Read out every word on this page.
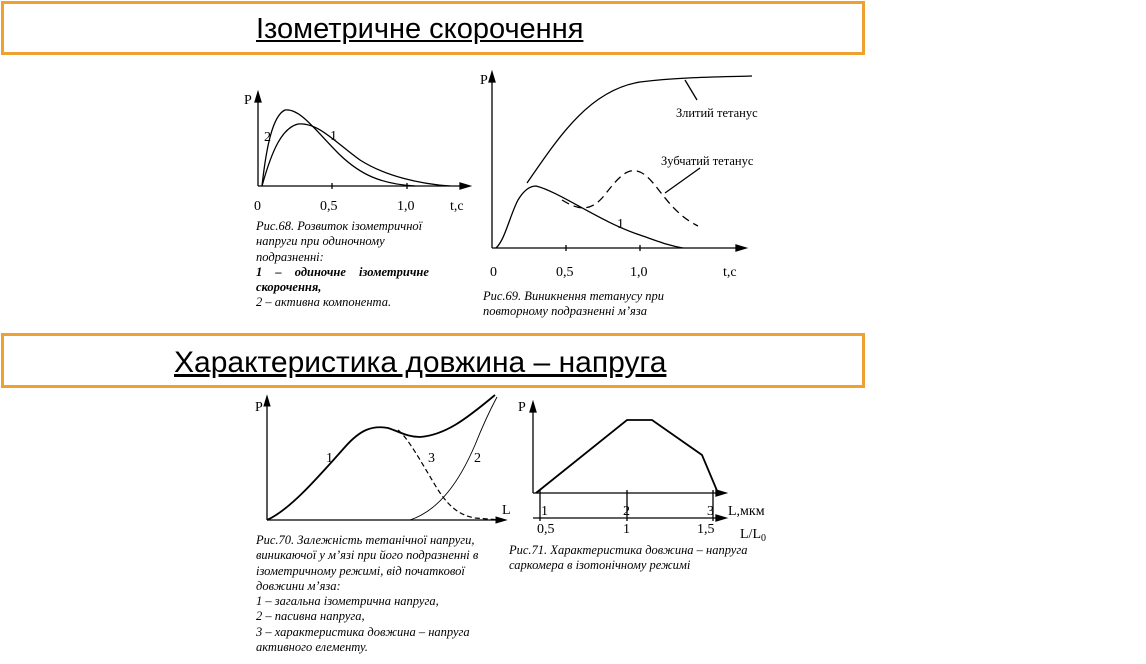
Ізометричне скорочення
Характеристика довжина – напруга
P
t,c
0	0,5	1,0
1
2
Рис.68. Розвиток ізометричної
напруги при одиночному
подразненні:
1 – одиночне ізометричне
скорочення,
2 – активна компонента.
P
t,c
0	0,5	1,0
Злитий тетанус
Зубчатий тетанус
1
Рис.69. Виникнення тетанусу при
повторному подразненні м’яза
P
L
1	2
3
Рис.70. Залежність тетанічної напруги,
виникаючої у м’язі при його подразненні в
ізометричному режимі, від початкової
довжини м’яза:
1 – загальна ізометрична напруга,
2 – пасивна напруга,
3 – характеристика довжина – напруга
активного елементу.
P
L,мкм
$L/L_0$
1	2	3
0,5	1	1,5
Рис.71. Характеристика довжина – напруга
саркомера в ізотонічному режимі
